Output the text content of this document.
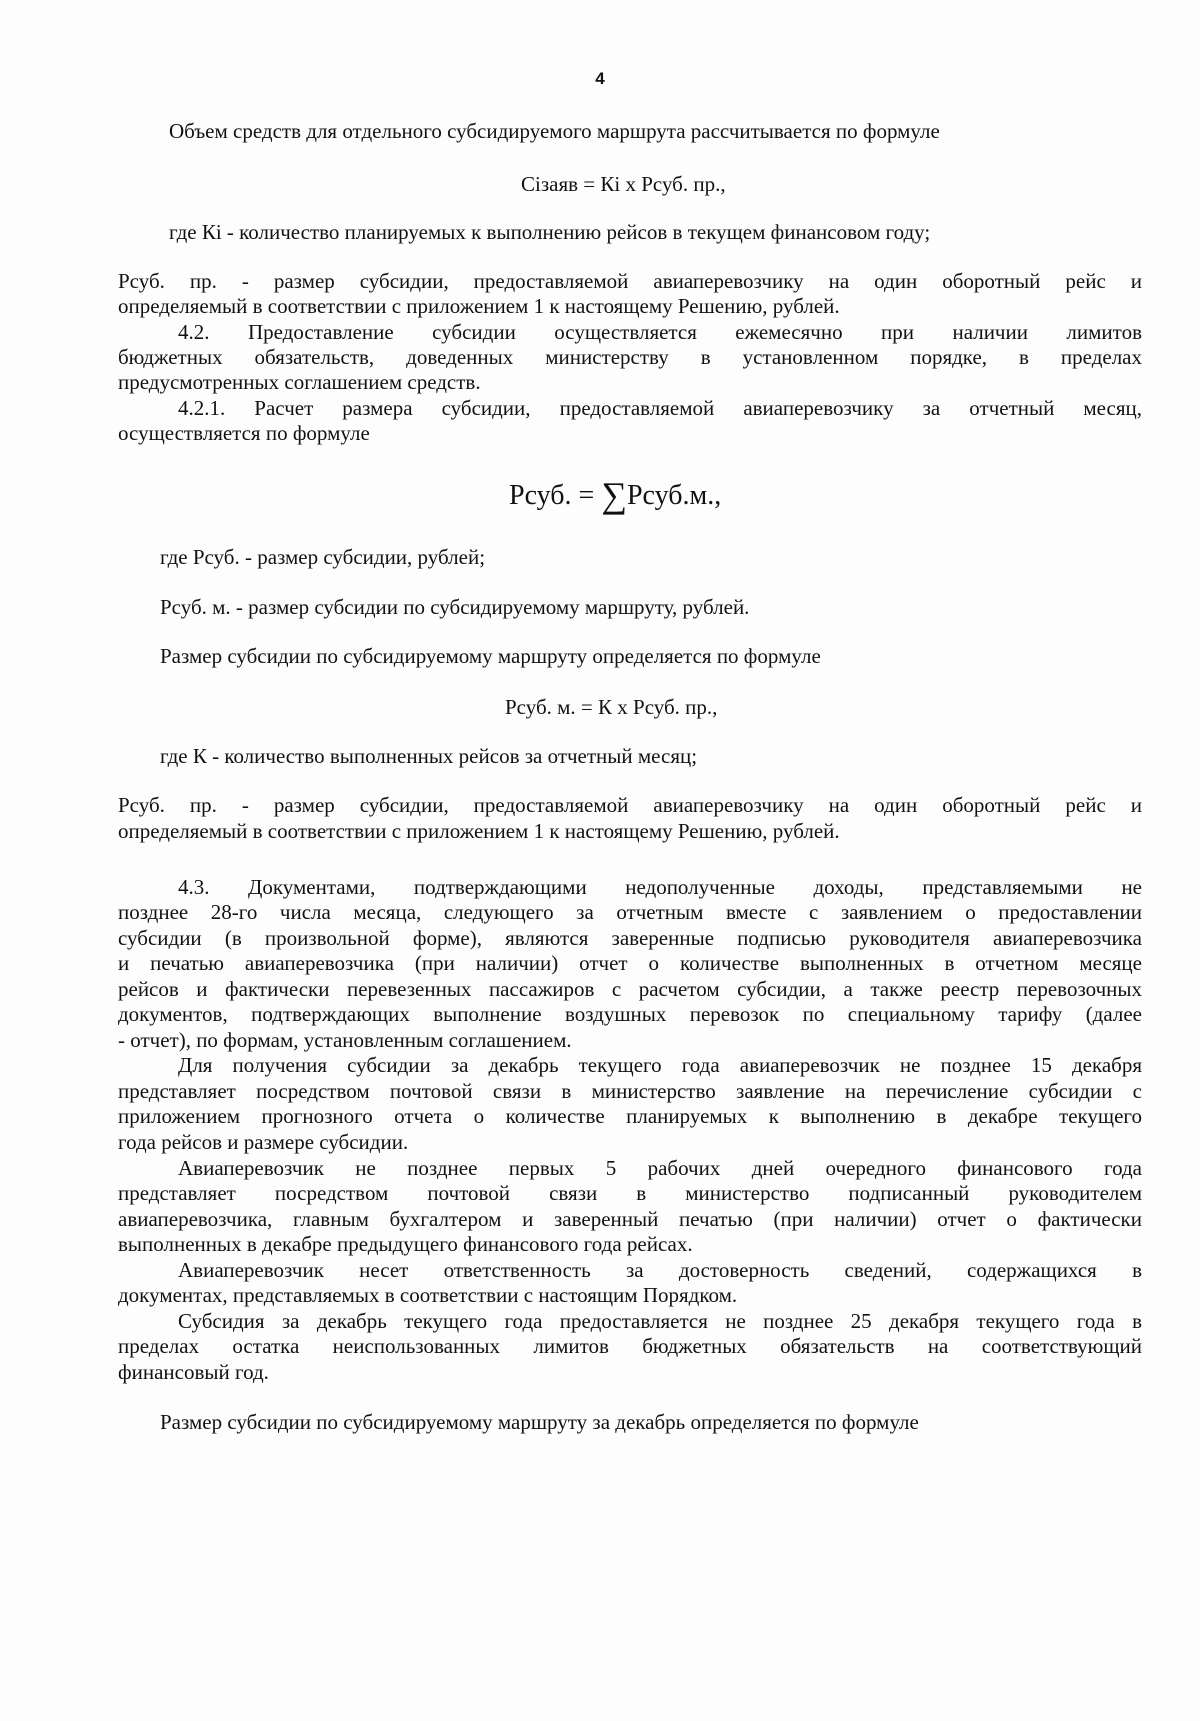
4
Объем средств для отдельного субсидируемого маршрута рассчитывается по формуле
Сiзаяв = Кi х Рсуб. пр.,
где Кi - количество планируемых к выполнению рейсов в текущем финансовом году;
Рсуб. пр. - размер субсидии, предоставляемой авиаперевозчику на один оборотный рейс и
определяемый в соответствии с приложением 1 к настоящему Решению, рублей.
4.2. Предоставление субсидии осуществляется ежемесячно при наличии лимитов
бюджетных обязательств, доведенных министерству в установленном порядке, в пределах
предусмотренных соглашением средств.
4.2.1. Расчет размера субсидии, предоставляемой авиаперевозчику за отчетный месяц,
осуществляется по формуле
Рсуб. = ∑Рсуб.м.,
где Рсуб. - размер субсидии, рублей;
Рсуб. м. - размер субсидии по субсидируемому маршруту, рублей.
Размер субсидии по субсидируемому маршруту определяется по формуле
Рсуб. м. = К х Рсуб. пр.,
где К - количество выполненных рейсов за отчетный месяц;
Рсуб. пр. - размер субсидии, предоставляемой авиаперевозчику на один оборотный рейс и
определяемый в соответствии с приложением 1 к настоящему Решению, рублей.
4.3. Документами, подтверждающими недополученные доходы, представляемыми не
позднее 28-го числа месяца, следующего за отчетным вместе с заявлением о предоставлении
субсидии (в произвольной форме), являются заверенные подписью руководителя авиаперевозчика
и печатью авиаперевозчика (при наличии) отчет о количестве выполненных в отчетном месяце
рейсов и фактически перевезенных пассажиров с расчетом субсидии, а также реестр перевозочных
документов, подтверждающих выполнение воздушных перевозок по специальному тарифу (далее
- отчет), по формам, установленным соглашением.
Для получения субсидии за декабрь текущего года авиаперевозчик не позднее 15 декабря
представляет посредством почтовой связи в министерство заявление на перечисление субсидии с
приложением прогнозного отчета о количестве планируемых к выполнению в декабре текущего
года рейсов и размере субсидии.
Авиаперевозчик не позднее первых 5 рабочих дней очередного финансового года
представляет посредством почтовой связи в министерство подписанный руководителем
авиаперевозчика, главным бухгалтером и заверенный печатью (при наличии) отчет о фактически
выполненных в декабре предыдущего финансового года рейсах.
Авиаперевозчик несет ответственность за достоверность сведений, содержащихся в
документах, представляемых в соответствии с настоящим Порядком.
Субсидия за декабрь текущего года предоставляется не позднее 25 декабря текущего года в
пределах остатка неиспользованных лимитов бюджетных обязательств на соответствующий
финансовый год.
Размер субсидии по субсидируемому маршруту за декабрь определяется по формуле
